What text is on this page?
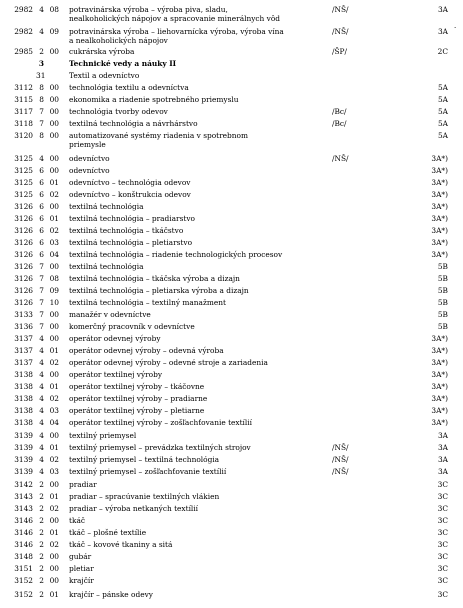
.
2982 4 08 potravinárska výroba – výroba piva, sladu,	/NŠ/	3A
nealkoholických nápojov a spracovanie minerálnych vôd
2982 4 09 potravinárska výroba – liehovarnícka výroba, výroba vína	/NŠ/	3A
a nealkoholických nápojov
2985 2 00 cukrárska výroba	/ŠP/	2C
3	Technické vedy a náuky II
31	Textil a odevníctvo
3112 8 00 technológia textilu a odevníctva	5A
3115 8 00 ekonomika a riadenie spotrebného priemyslu	5A
3117 7 00 technológia tvorby odevov	/Bc/	5A
3118 7 00 textilná technológia a návrhárstvo	/Bc/	5A
3120 8 00 automatizované systémy riadenia v spotrebnom	5A
priemysle
3125 4 00 odevníctvo	/NŠ/	3A*)
3125 6 00 odevníctvo	3A*)
3125 6 01 odevníctvo – technológia odevov	3A*)
3125 6 02 odevníctvo – konštrukcia odevov	3A*)
3126 6 00 textilná technológia	3A*)
3126 6 01 textilná technológia – pradiarstvo	3A*)
3126 6 02 textilná technológia – tkáčstvo	3A*)
3126 6 03 textilná technológia – pletiarstvo	3A*)
3126 6 04 textilná technológia – riadenie technologických procesov	3A*)
3126 7 00 textilná technológia	5B
3126 7 08 textilná technológia – tkáčska výroba a dizajn	5B
3126 7 09 textilná technológia – pletiarska výroba a dizajn	5B
3126 7 10 textilná technológia – textilný manažment	5B
3133 7 00 manažér v odevníctve	5B
3136 7 00 komerčný pracovník v odevníctve	5B
3137 4 00 operátor odevnej výroby	3A*)
3137 4 01 operátor odevnej výroby – odevná výroba	3A*)
3137 4 02 operátor odevnej výroby – odevné stroje a zariadenia	3A*)
3138 4 00 operátor textilnej výroby	3A*)
3138 4 01 operátor textilnej výroby – tkáčovne	3A*)
3138 4 02 operátor textilnej výroby – pradiarne	3A*)
3138 4 03 operátor textilnej výroby – pletiarne	3A*)
3138 4 04 operátor textilnej výroby – zošľachťovanie textílií	3A*)
3139 4 00 textilný priemysel	3A
3139 4 01 textilný priemysel – prevádzka textilných strojov	/NŠ/	3A
3139 4 02 textilný priemysel – textilná technológia	/NŠ/	3A
3139 4 03 textilný priemysel – zošľachťovanie textílií	/NŠ/	3A
3142 2 00 pradiar	3C
3143 2 01 pradiar – spracúvanie textilných vlákien	3C
3143 2 02 pradiar – výroba netkaných textílií	3C
3146 2 00 tkáč	3C
3146 2 01 tkáč – plošné textílie	3C
3146 2 02 tkáč – kovové tkaniny a sitá	3C
3148 2 00 gubár	3C
3151 2 00 pletiar	3C
3152 2 00 krajčír	3C
3152 2 01 krajčír – pánske odevy	3C
